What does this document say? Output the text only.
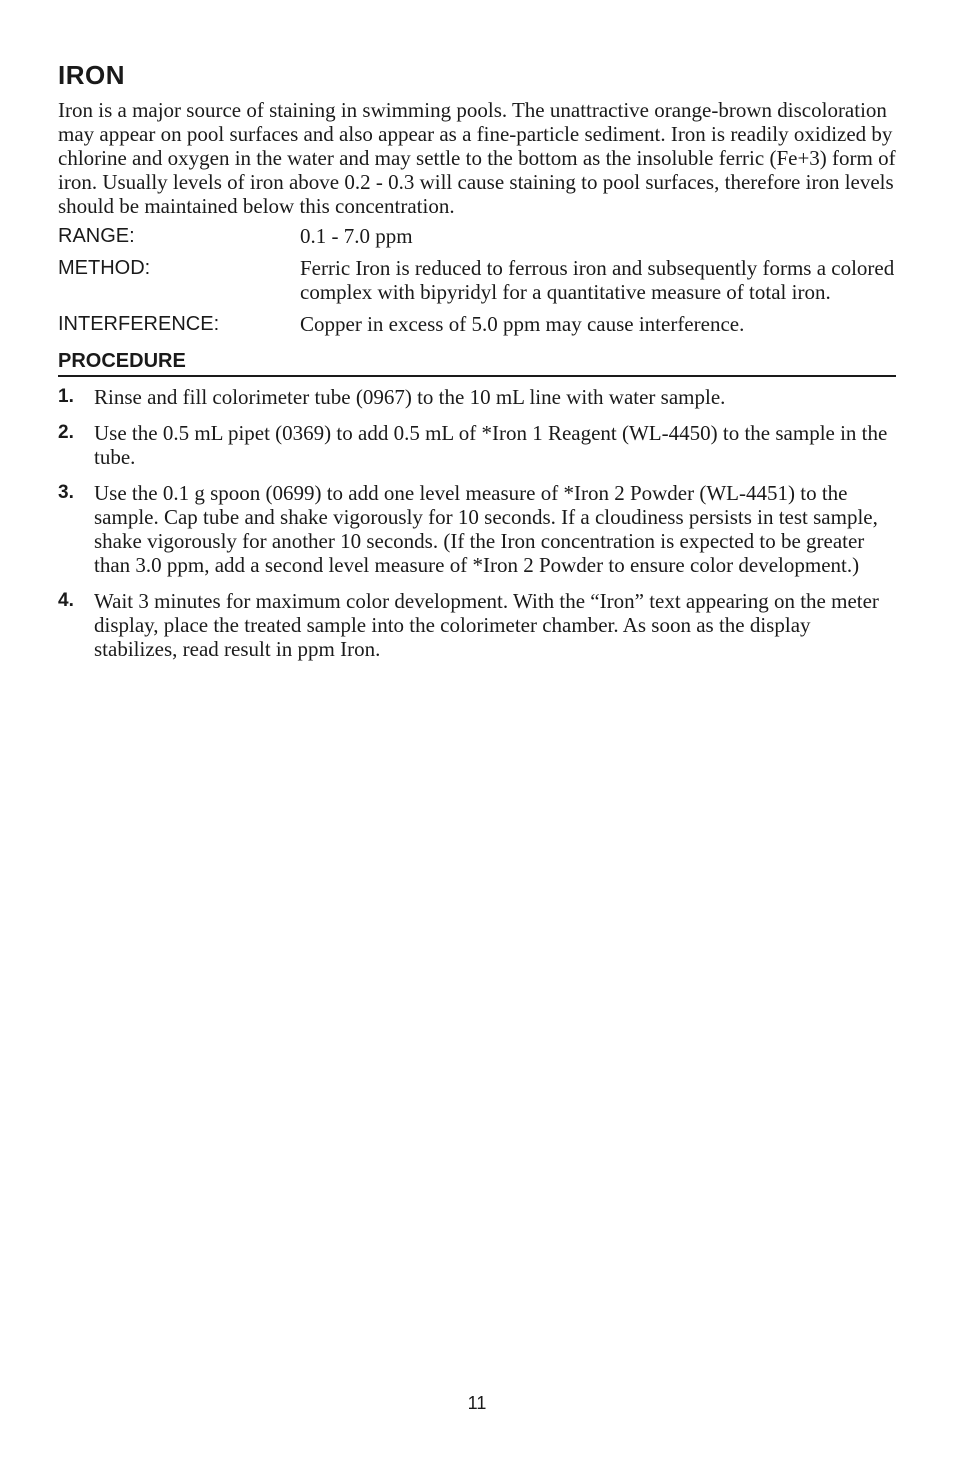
IRON

Iron is a major source of staining in swimming pools. The unattractive orange-brown discoloration may appear on pool surfaces and also appear as a fine-particle sediment. Iron is readily oxidized by chlorine and oxygen in the water and may settle to the bottom as the insoluble ferric (Fe+3) form of iron. Usually levels of iron above 0.2 - 0.3 will cause staining to pool surfaces, therefore iron levels should be maintained below this concentration.

RANGE:	0.1 - 7.0 ppm
METHOD:	Ferric Iron is reduced to ferrous iron and subsequently forms a colored complex with bipyridyl for a quantitative measure of total iron.
INTERFERENCE:	Copper in excess of 5.0 ppm may cause interference.
PROCEDURE
1. Rinse and fill colorimeter tube (0967) to the 10 mL line with water sample.
2. Use the 0.5 mL pipet (0369) to add 0.5 mL of *Iron 1 Reagent (WL-4450) to the sample in the tube.
3. Use the 0.1 g spoon (0699) to add one level measure of *Iron 2 Powder (WL-4451) to the sample. Cap tube and shake vigorously for 10 seconds. If a cloudiness persists in test sample, shake vigorously for another 10 seconds. (If the Iron concentration is expected to be greater than 3.0 ppm, add a second level measure of *Iron 2 Powder to ensure color development.)
4. Wait 3 minutes for maximum color development. With the “Iron” text appearing on the meter display, place the treated sample into the colorimeter chamber. As soon as the display stabilizes, read result in ppm Iron.
11
